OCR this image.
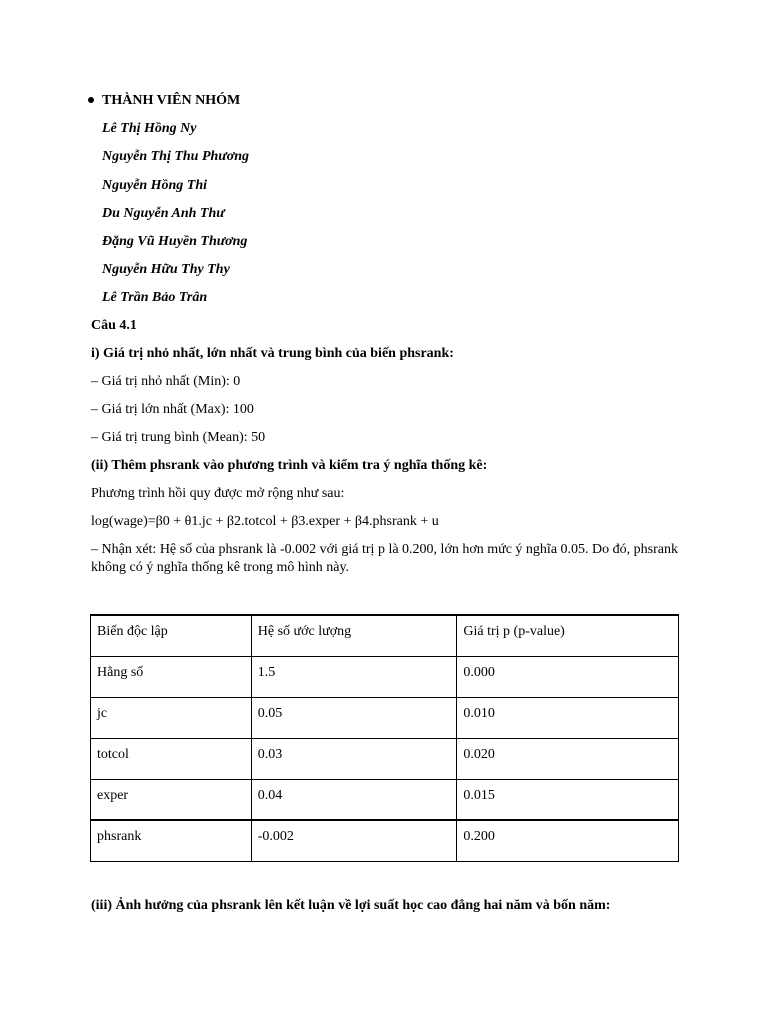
THÀNH VIÊN NHÓM
Lê Thị Hồng Ny
Nguyễn Thị Thu Phương
Nguyễn Hồng Thi
Du Nguyễn Anh Thư
Đặng Vũ Huyền Thương
Nguyễn Hữu Thy Thy
Lê Trần Bảo Trân
Câu 4.1
i) Giá trị nhỏ nhất, lớn nhất và trung bình của biến phsrank:
– Giá trị nhỏ nhất (Min): 0
– Giá trị lớn nhất (Max): 100
– Giá trị trung bình (Mean): 50
(ii) Thêm phsrank vào phương trình và kiểm tra ý nghĩa thống kê:
Phương trình hồi quy được mở rộng như sau:
log(wage)=β0 + θ1.jc + β2.totcol + β3.exper + β4.phsrank + u
– Nhận xét: Hệ số của phsrank là -0.002 với giá trị p là 0.200, lớn hơn mức ý nghĩa 0.05. Do đó, phsrank không có ý nghĩa thống kê trong mô hình này.
Biến độc lập	Hệ số ước lượng	Giá trị p (p-value)
Hằng số	1.5	0.000
jc	0.05	0.010
totcol	0.03	0.020
exper	0.04	0.015
phsrank	-0.002	0.200
(iii) Ảnh hưởng của phsrank lên kết luận về lợi suất học cao đẳng hai năm và bốn năm:
